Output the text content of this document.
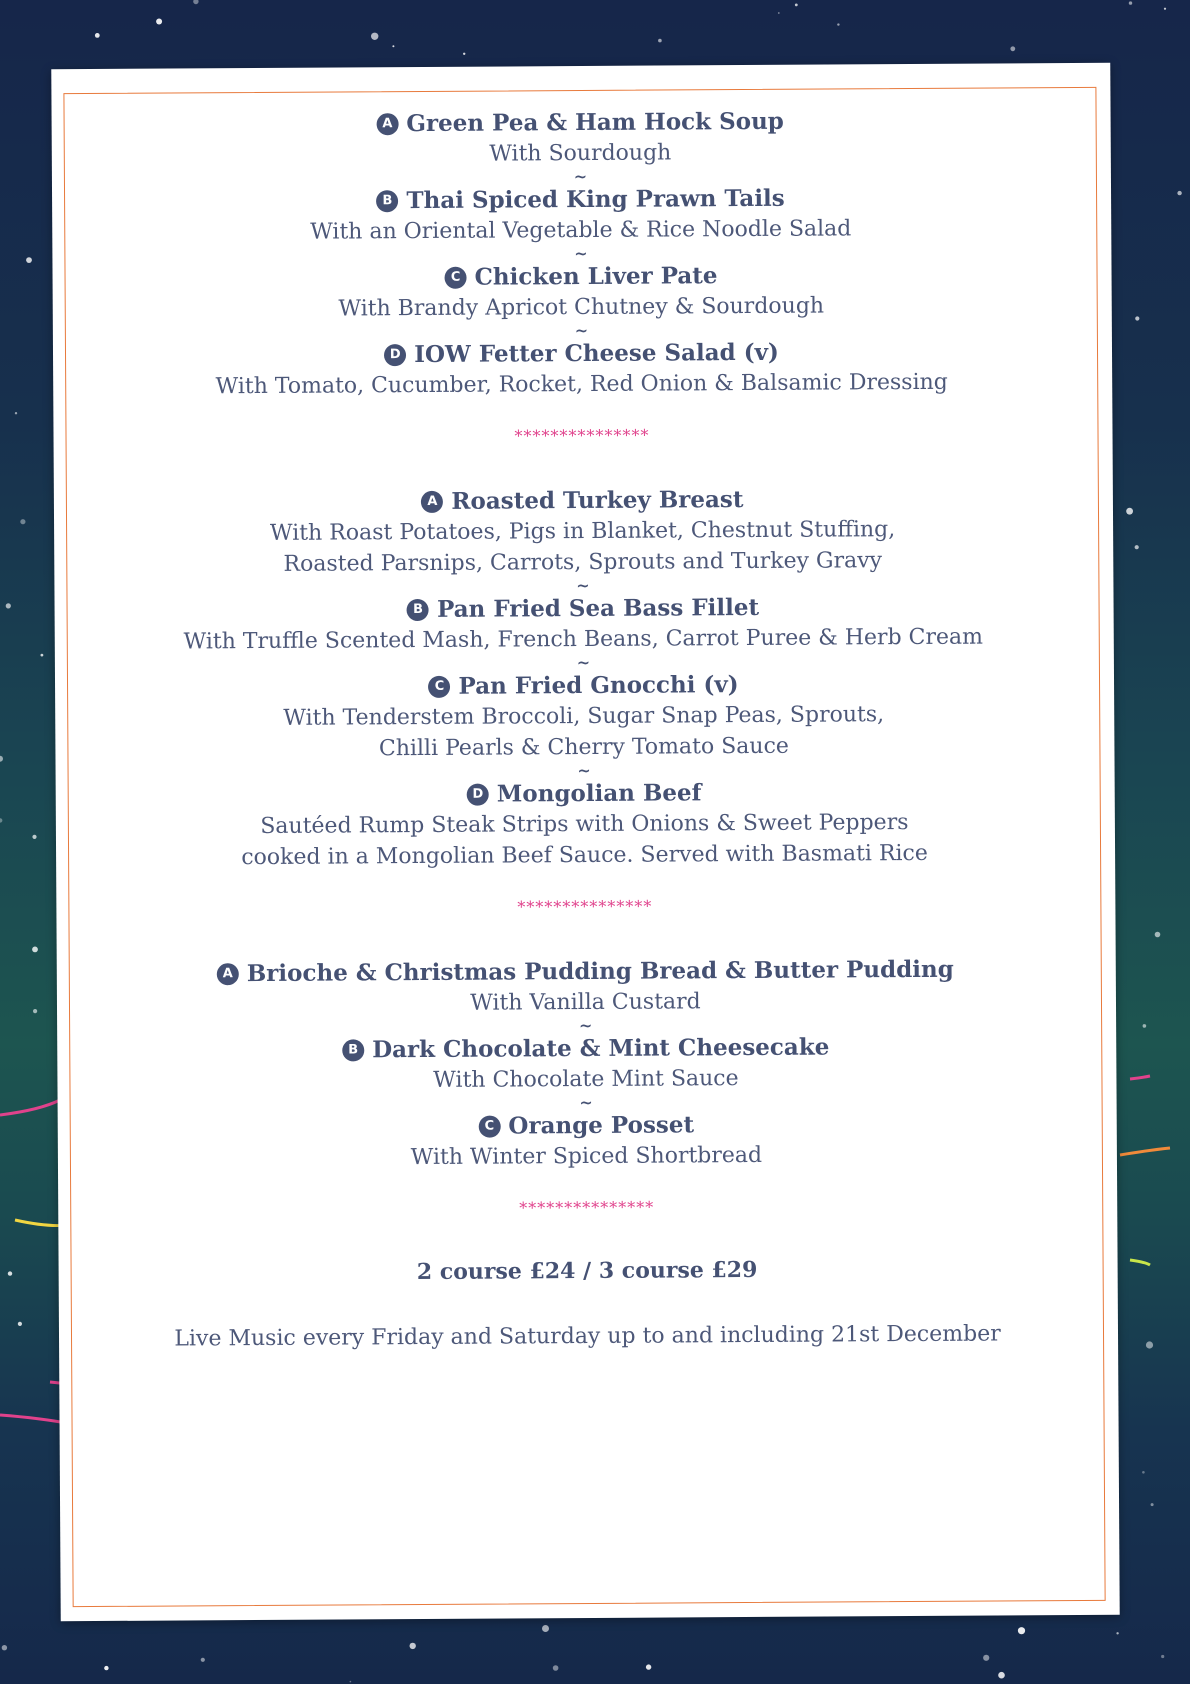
A Green Pea & Ham Hock Soup
With Sourdough
~
B Thai Spiced King Prawn Tails
With an Oriental Vegetable & Rice Noodle Salad
~
C Chicken Liver Pate
With Brandy Apricot Chutney & Sourdough
~
D IOW Fetter Cheese Salad (v)
With Tomato, Cucumber, Rocket, Red Onion & Balsamic Dressing
***************
A Roasted Turkey Breast
With Roast Potatoes, Pigs in Blanket, Chestnut Stuffing,
Roasted Parsnips, Carrots, Sprouts and Turkey Gravy
~
B Pan Fried Sea Bass Fillet
With Truffle Scented Mash, French Beans, Carrot Puree & Herb Cream
~
C Pan Fried Gnocchi (v)
With Tenderstem Broccoli, Sugar Snap Peas, Sprouts,
Chilli Pearls & Cherry Tomato Sauce
~
D Mongolian Beef
Sautéed Rump Steak Strips with Onions & Sweet Peppers
cooked in a Mongolian Beef Sauce. Served with Basmati Rice
***************
A Brioche & Christmas Pudding Bread & Butter Pudding
With Vanilla Custard
~
B Dark Chocolate & Mint Cheesecake
With Chocolate Mint Sauce
~
C Orange Posset
With Winter Spiced Shortbread
***************
2 course £24 / 3 course £29
Live Music every Friday and Saturday up to and including 21st December
